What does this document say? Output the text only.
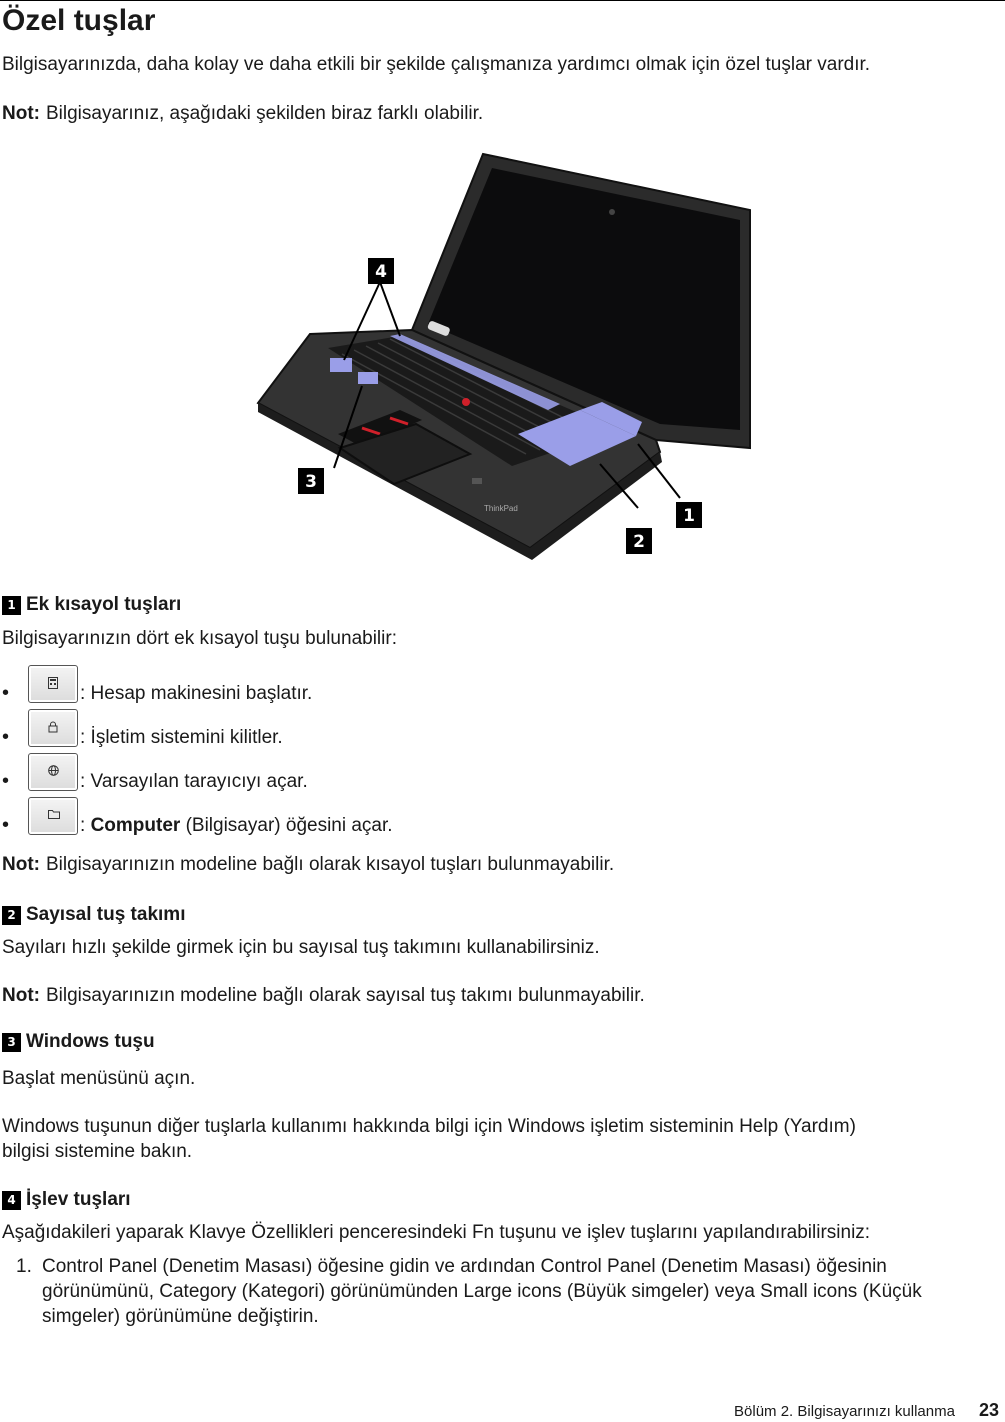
Özel tuşlar

Bilgisayarınızda, daha kolay ve daha etkili bir şekilde çalışmanıza yardımcı olmak için özel tuşlar vardır.

Not: Bilgisayarınız, aşağıdaki şekilden biraz farklı olabilir.

ThinkPad
4
3
2
1
1 Ek kısayol tuşları

Bilgisayarınızın dört ek kısayol tuşu bulunabilir:

•	: Hesap makinesini başlatır.
•	: İşletim sistemini kilitler.
•	: Varsayılan tarayıcıyı açar.
•	: Computer (Bilgisayar) öğesini açar.

Not: Bilgisayarınızın modeline bağlı olarak kısayol tuşları bulunmayabilir.

2 Sayısal tuş takımı

Sayıları hızlı şekilde girmek için bu sayısal tuş takımını kullanabilirsiniz.

Not: Bilgisayarınızın modeline bağlı olarak sayısal tuş takımı bulunmayabilir.

3 Windows tuşu

Başlat menüsünü açın.

Windows tuşunun diğer tuşlarla kullanımı hakkında bilgi için Windows işletim sisteminin Help (Yardım)

bilgisi sistemine bakın.

4 İşlev tuşları

Aşağıdakileri yaparak Klavye Özellikleri penceresindeki Fn tuşunu ve işlev tuşlarını yapılandırabilirsiniz:

1. Control Panel (Denetim Masası) öğesine gidin ve ardından Control Panel (Denetim Masası) öğesinin görünümünü, Category (Kategori) görünümünden Large icons (Büyük simgeler) veya Small icons (Küçük simgeler) görünümüne değiştirin.
Bölüm 2. Bilgisayarınızı kullanma 23
